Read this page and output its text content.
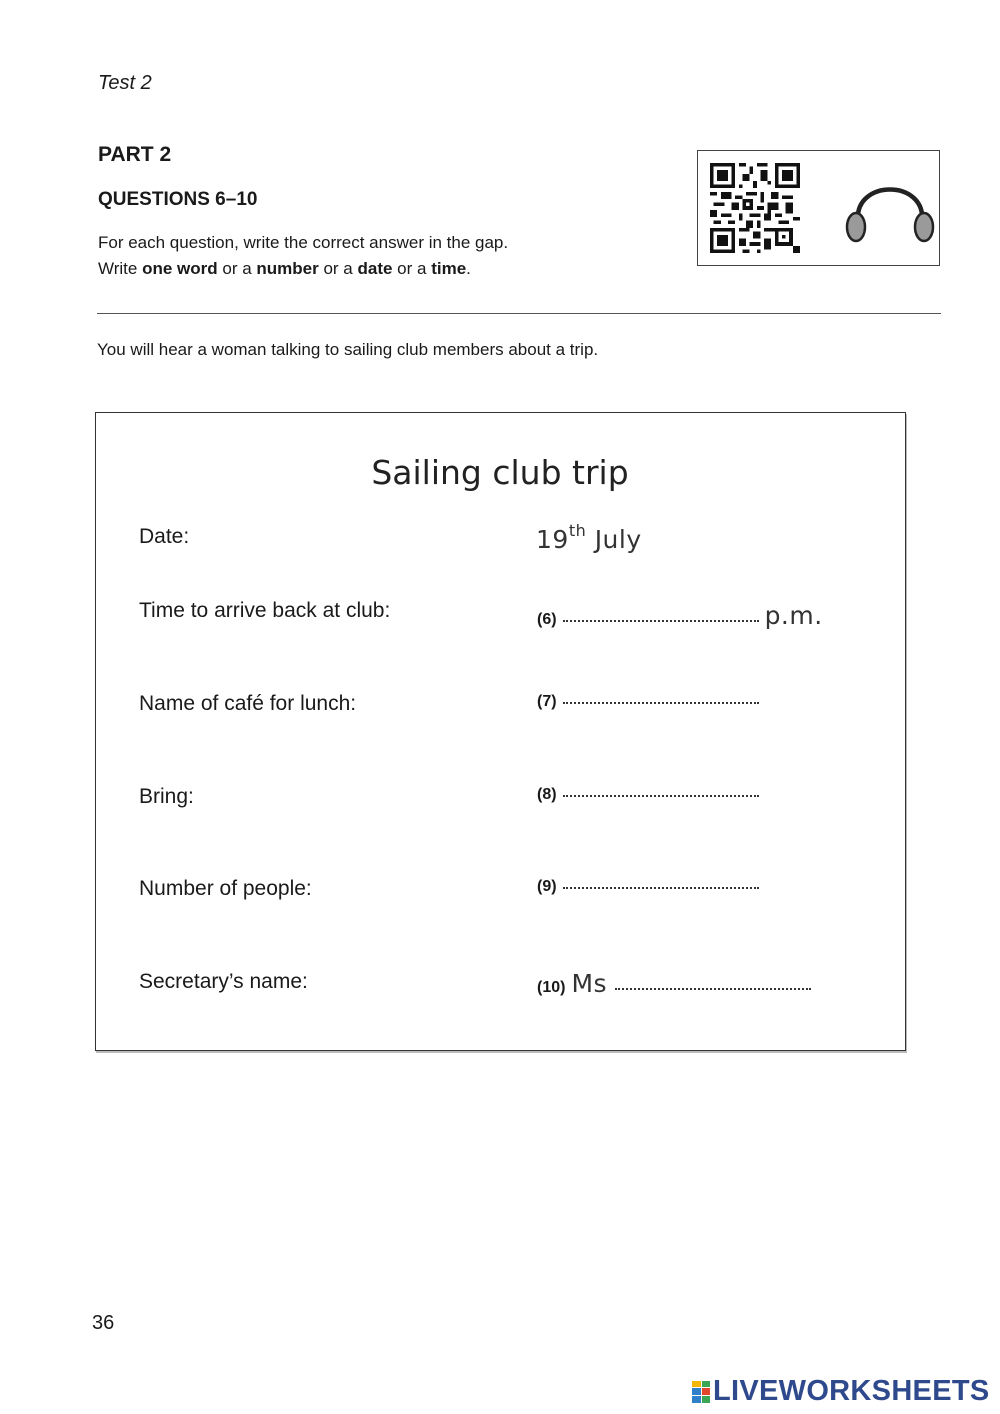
Test 2
PART 2
QUESTIONS 6–10
For each question, write the correct answer in the gap.
Write one word or a number or a date or a time.
You will hear a woman talking to sailing club members about a trip.
Sailing club trip
Date:	19th July
Time to arrive back at club:	(6)	p.m.
Name of café for lunch:	(7)
Bring:	(8)
Number of people:	(9)
Secretary’s name:	(10) Ms
36
LIVEWORKSHEETS
